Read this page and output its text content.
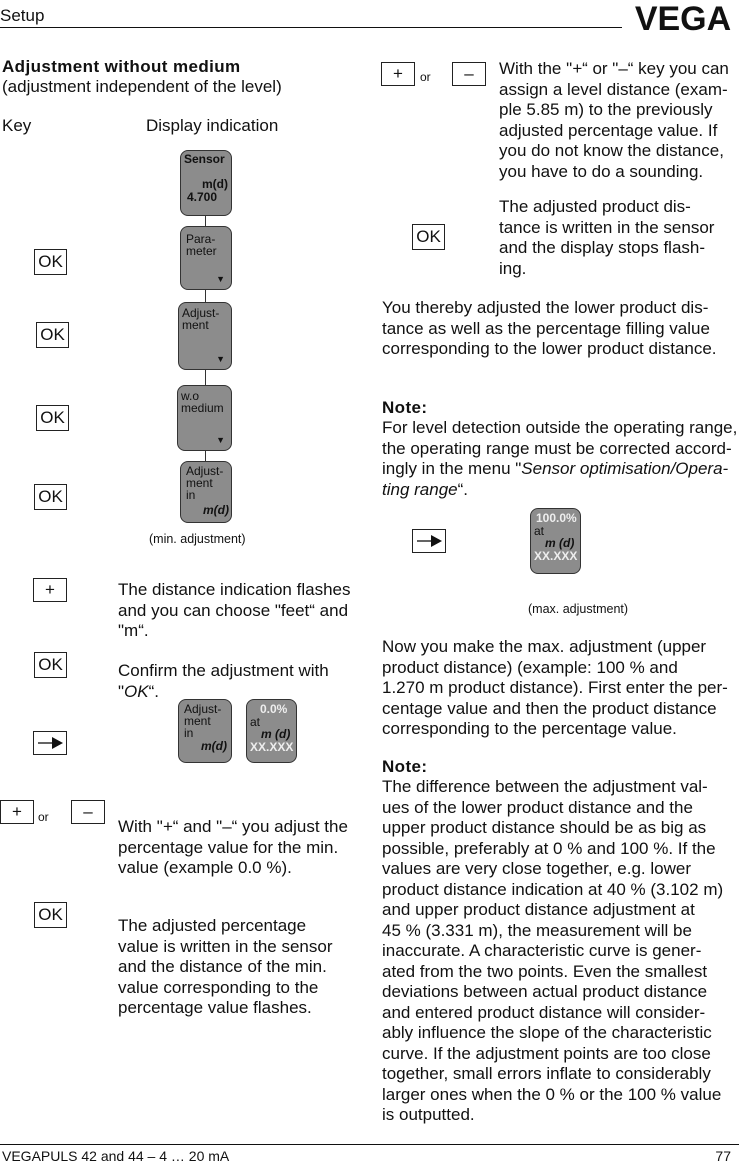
Setup	VEGA
Adjustment without medium
(adjustment independent of the level)
Key	Display indication
Sensor
m(d)
4.700
Para-
meter
▼
Adjust-
ment
▼
w.o
medium
▼
Adjust-
ment
in
m(d)
(min. adjustment)
OK
OK
OK
OK
+
OK
+	or	–
OK
The distance indication flashes
and you can choose "feet“ and
"m“.
Confirm the adjustment with
"OK“.
Adjust-
ment
in
m(d)
0.0%
at
m (d)
XX.XXX
With "+“ and "–“ you adjust the
percentage value for the min.
value (example 0.0 %).
The adjusted percentage
value is written in the sensor
and the distance of the min.
value corresponding to the
percentage value flashes.
+	or	–	With the "+“ or "–“ key you can
assign a level distance (exam-
ple 5.85 m) to the previously
adjusted percentage value. If
you do not know the distance,
you have to do a sounding.
OK
The adjusted product dis-
tance is written in the sensor
and the display stops flash-
ing.
You thereby adjusted the lower product dis-
tance as well as the percentage filling value
corresponding to the lower product distance.
Note:
For level detection outside the operating range,
the operating range must be corrected accord-
ingly in the menu "Sensor optimisation/Opera-
ting range“.
100.0%
at
m (d)
XX.XXX
(max. adjustment)
Now you make the max. adjustment (upper
product distance) (example: 100 % and
1.270 m product distance). First enter the per-
centage value and then the product distance
corresponding to the percentage value.
Note:
The difference between the adjustment val-
ues of the lower product distance and the
upper product distance should be as big as
possible, preferably at 0 % and 100 %. If the
values are very close together, e.g. lower
product distance indication at 40 % (3.102 m)
and upper product distance adjustment at
45 % (3.331 m), the measurement will be
inaccurate. A characteristic curve is gener-
ated from the two points. Even the smallest
deviations between actual product distance
and entered product distance will consider-
ably influence the slope of the characteristic
curve. If the adjustment points are too close
together, small errors inflate to considerably
larger ones when the 0 % or the 100 % value
is outputted.
VEGAPULS 42 and 44 – 4 … 20 mA	77
